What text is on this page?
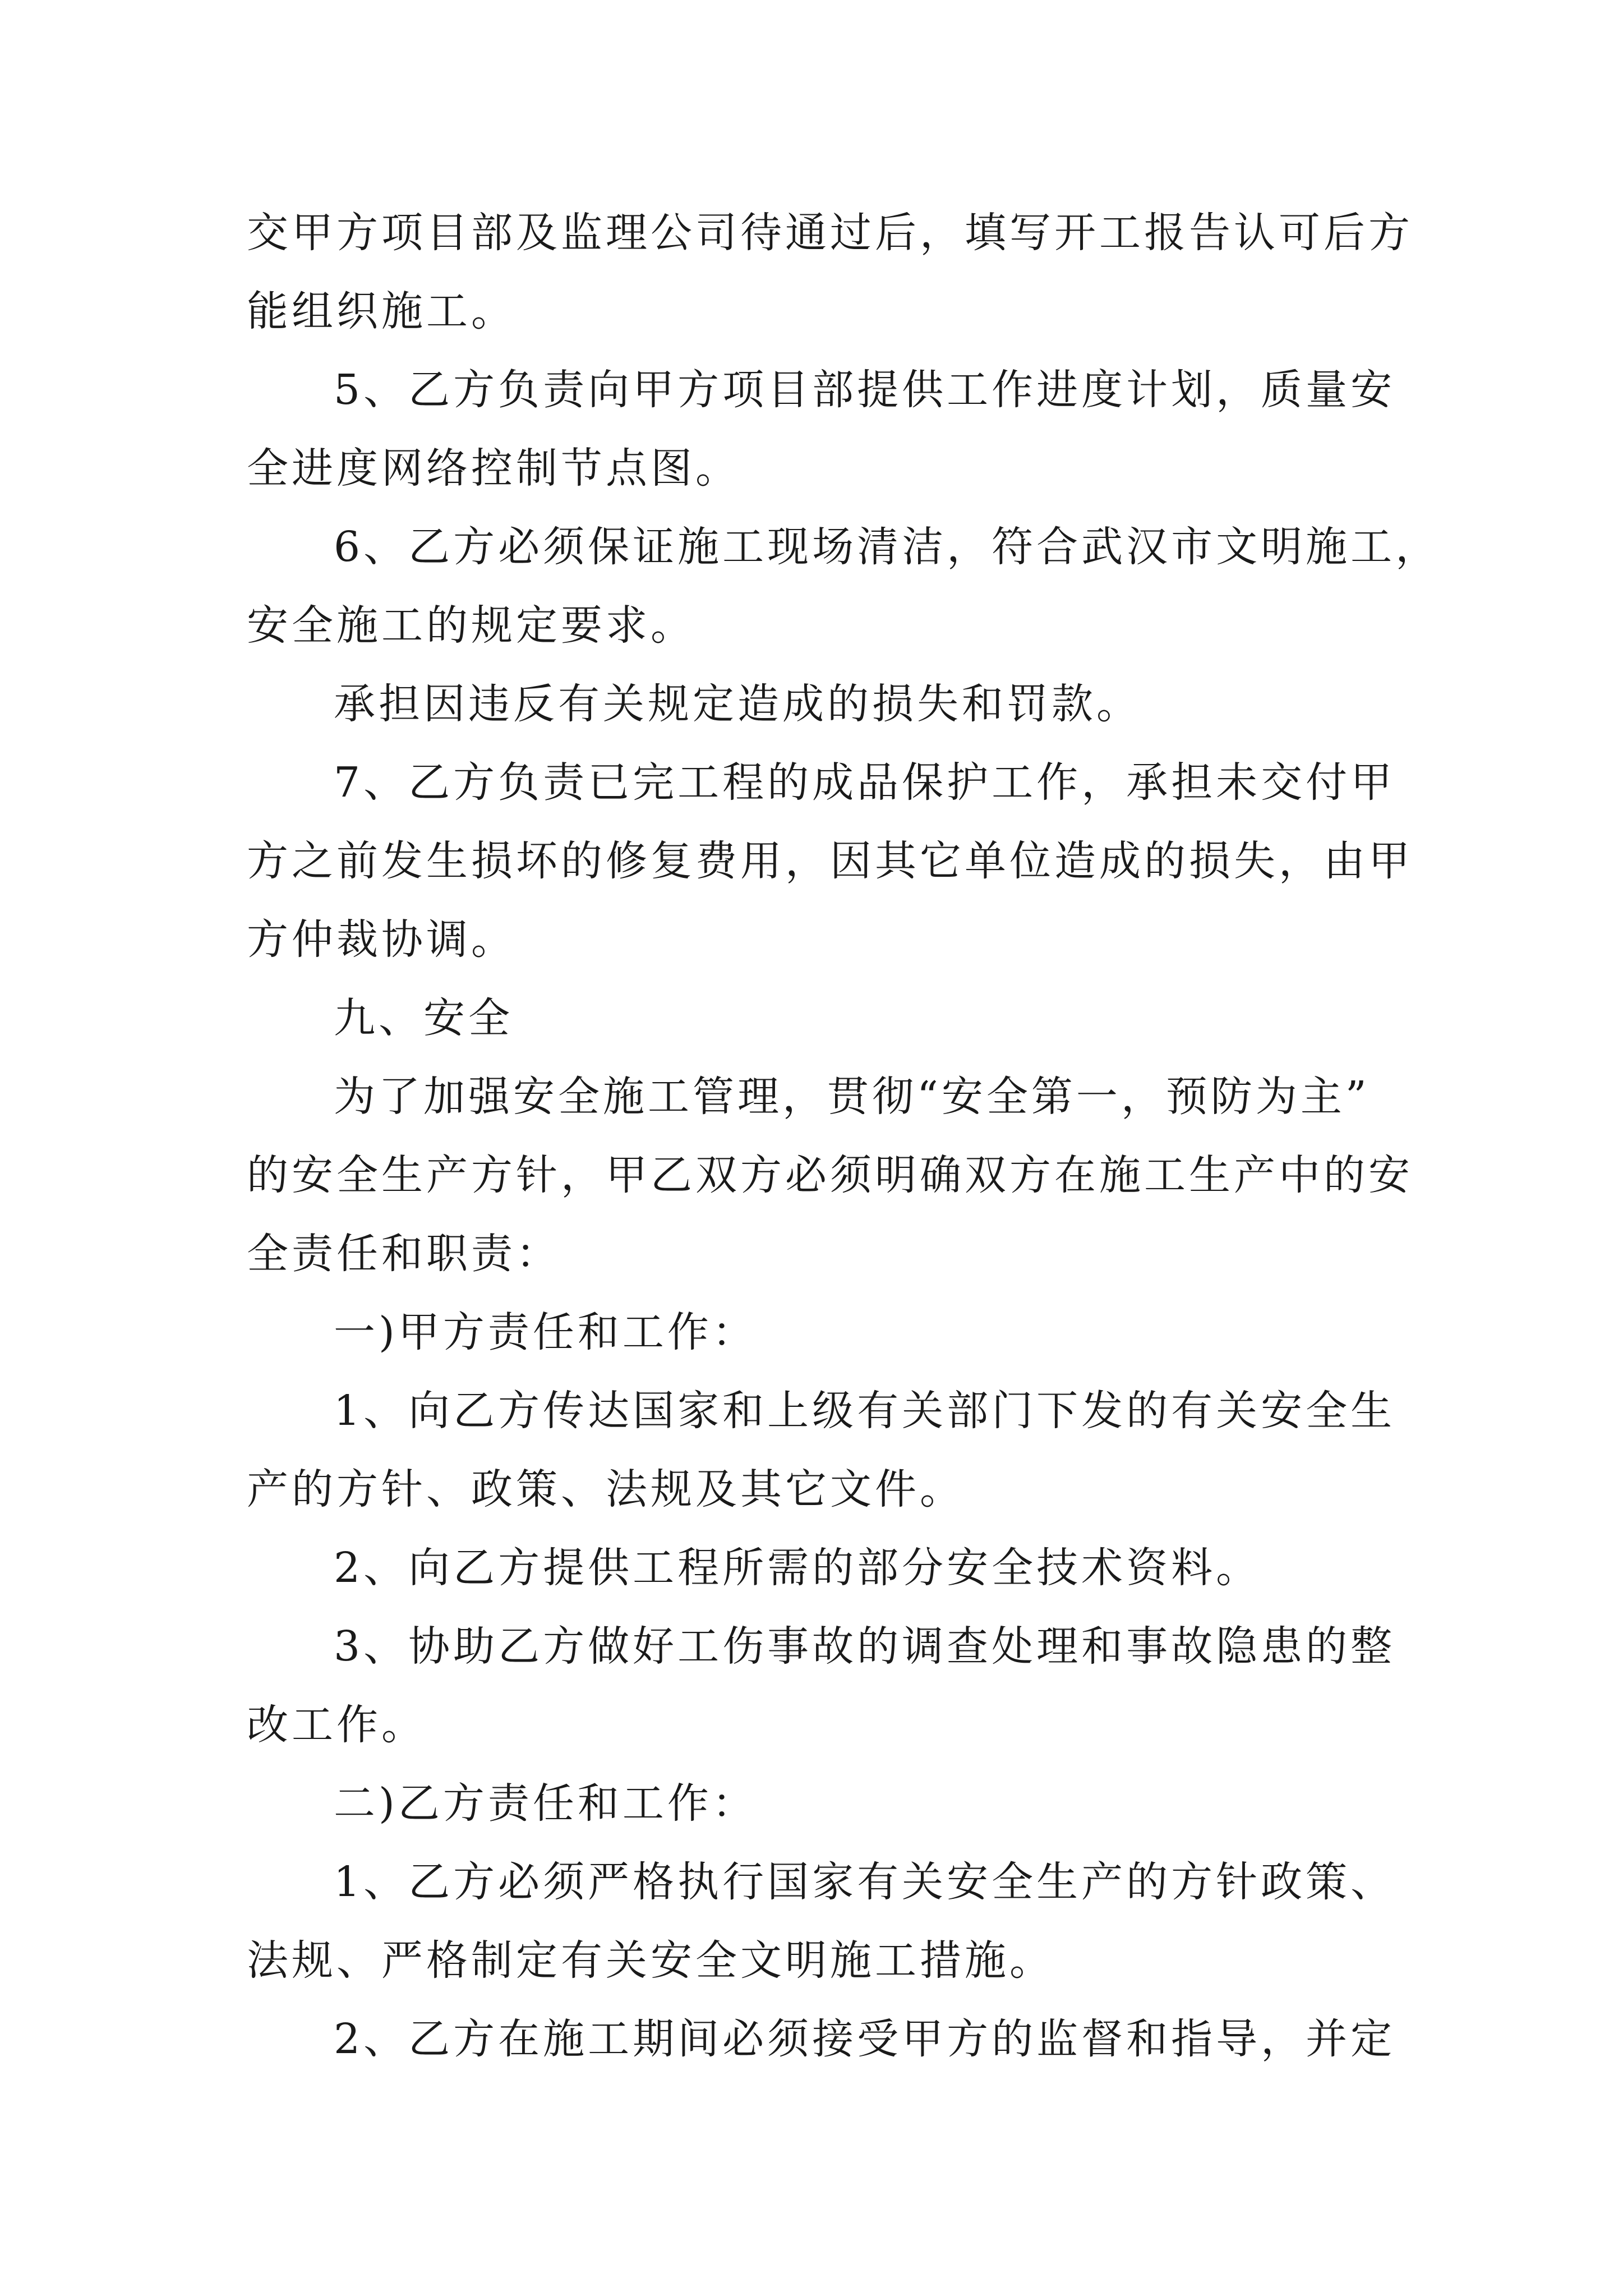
交甲方项目部及监理公司待通过后，填写开工报告认可后方
能组织施工。
5、乙方负责向甲方项目部提供工作进度计划，质量安
全进度网络控制节点图。
6、乙方必须保证施工现场清洁，符合武汉市文明施工，
安全施工的规定要求。
承担因违反有关规定造成的损失和罚款。
7、乙方负责已完工程的成品保护工作，承担未交付甲
方之前发生损坏的修复费用，因其它单位造成的损失，由甲
方仲裁协调。
九、安全
为了加强安全施工管理，贯彻“安全第一，预防为主”
的安全生产方针，甲乙双方必须明确双方在施工生产中的安
全责任和职责：
一)甲方责任和工作：
1、向乙方传达国家和上级有关部门下发的有关安全生
产的方针、政策、法规及其它文件。
2、向乙方提供工程所需的部分安全技术资料。
3、协助乙方做好工伤事故的调查处理和事故隐患的整
改工作。
二)乙方责任和工作：
1、乙方必须严格执行国家有关安全生产的方针政策、
法规、严格制定有关安全文明施工措施。
2、乙方在施工期间必须接受甲方的监督和指导，并定
